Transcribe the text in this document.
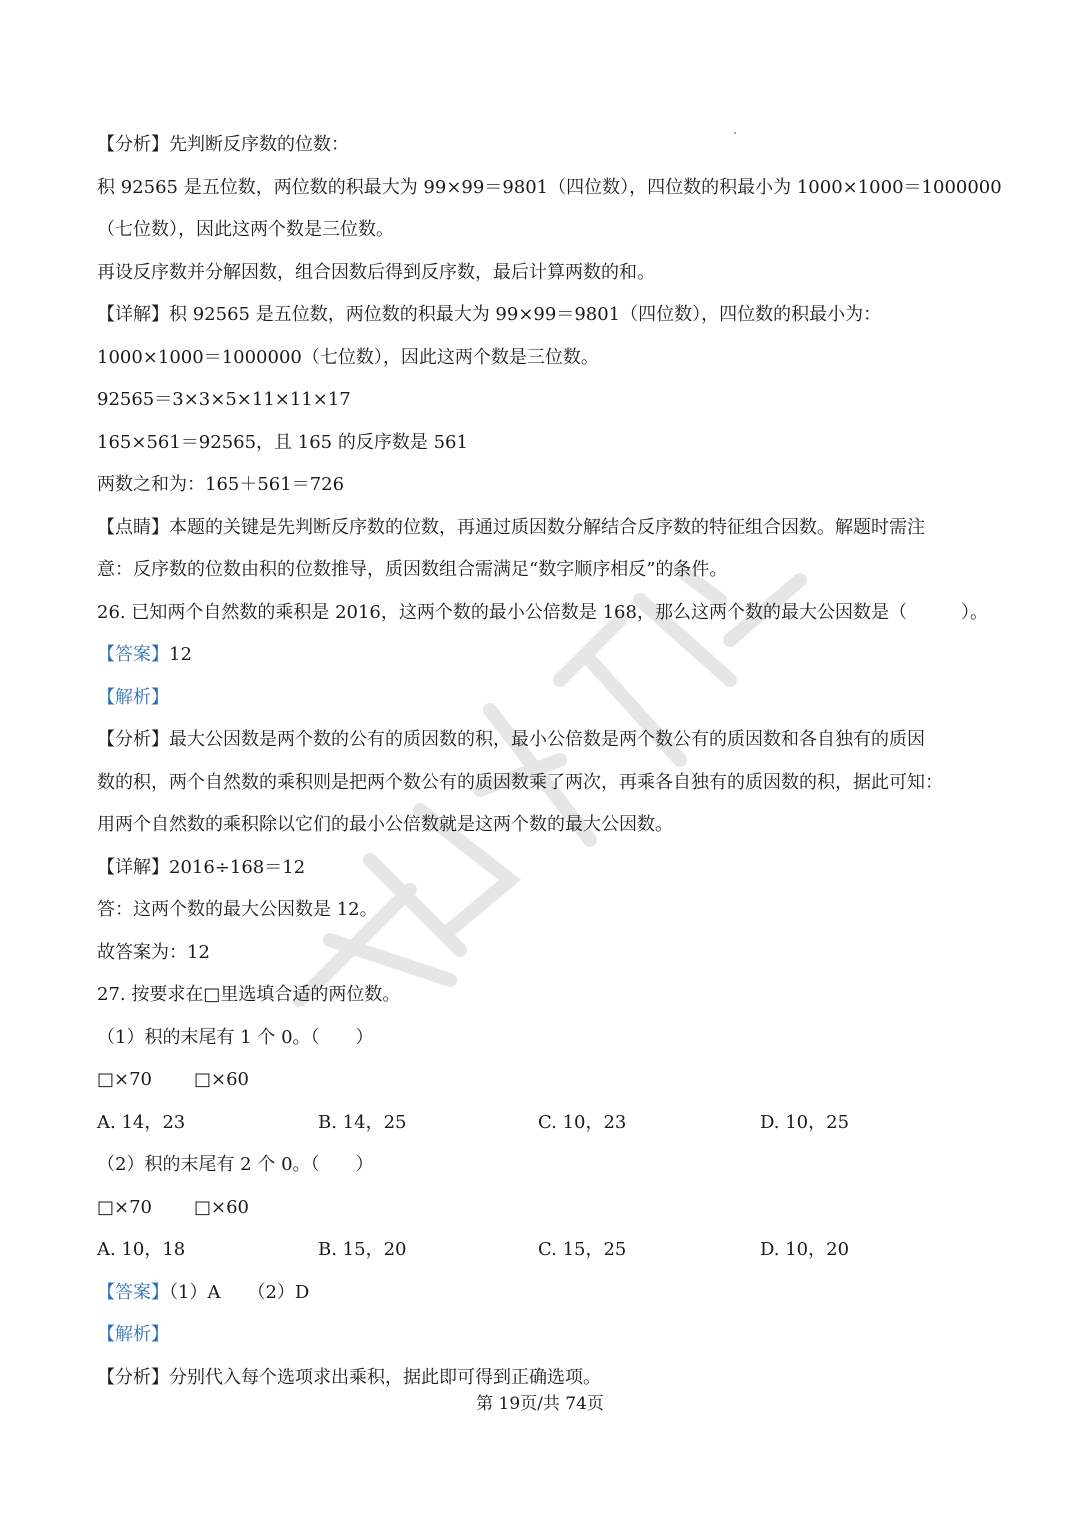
【分析】先判断反序数的位数：
积 92565 是五位数，两位数的积最大为 99×99＝9801（四位数），四位数的积最小为 1000×1000＝1000000
（七位数），因此这两个数是三位数。
再设反序数并分解因数，组合因数后得到反序数，最后计算两数的和。
【详解】积 92565 是五位数，两位数的积最大为 99×99＝9801（四位数），四位数的积最小为：
1000×1000＝1000000（七位数），因此这两个数是三位数。
92565＝3×3×5×11×11×17
165×561＝92565，且 165 的反序数是 561
两数之和为：165＋561＝726
【点睛】本题的关键是先判断反序数的位数，再通过质因数分解结合反序数的特征组合因数。解题时需注
意：反序数的位数由积的位数推导，质因数组合需满足“数字顺序相反”的条件。
26. 已知两个自然数的乘积是 2016，这两个数的最小公倍数是 168，那么这两个数的最大公因数是（　　　）。
【答案】12
【解析】
【分析】最大公因数是两个数的公有的质因数的积，最小公倍数是两个数公有的质因数和各自独有的质因
数的积，两个自然数的乘积则是把两个数公有的质因数乘了两次，再乘各自独有的质因数的积，据此可知：
用两个自然数的乘积除以它们的最小公倍数就是这两个数的最大公因数。
【详解】2016÷168＝12
答：这两个数的最大公因数是 12。
故答案为：12
27. 按要求在□里选填合适的两位数。
（1）积的末尾有 1 个 0。（　　）
□×70 □×60
A. 14，23	B. 14，25	C. 10，23	D. 10，25
（2）积的末尾有 2 个 0。（　　）
□×70 □×60
A. 10，18	B. 15，20	C. 15，25	D. 10，20
【答案】（1）A　　（2）D
【解析】
【分析】分别代入每个选项求出乘积，据此即可得到正确选项。
第 19页/共 74页
